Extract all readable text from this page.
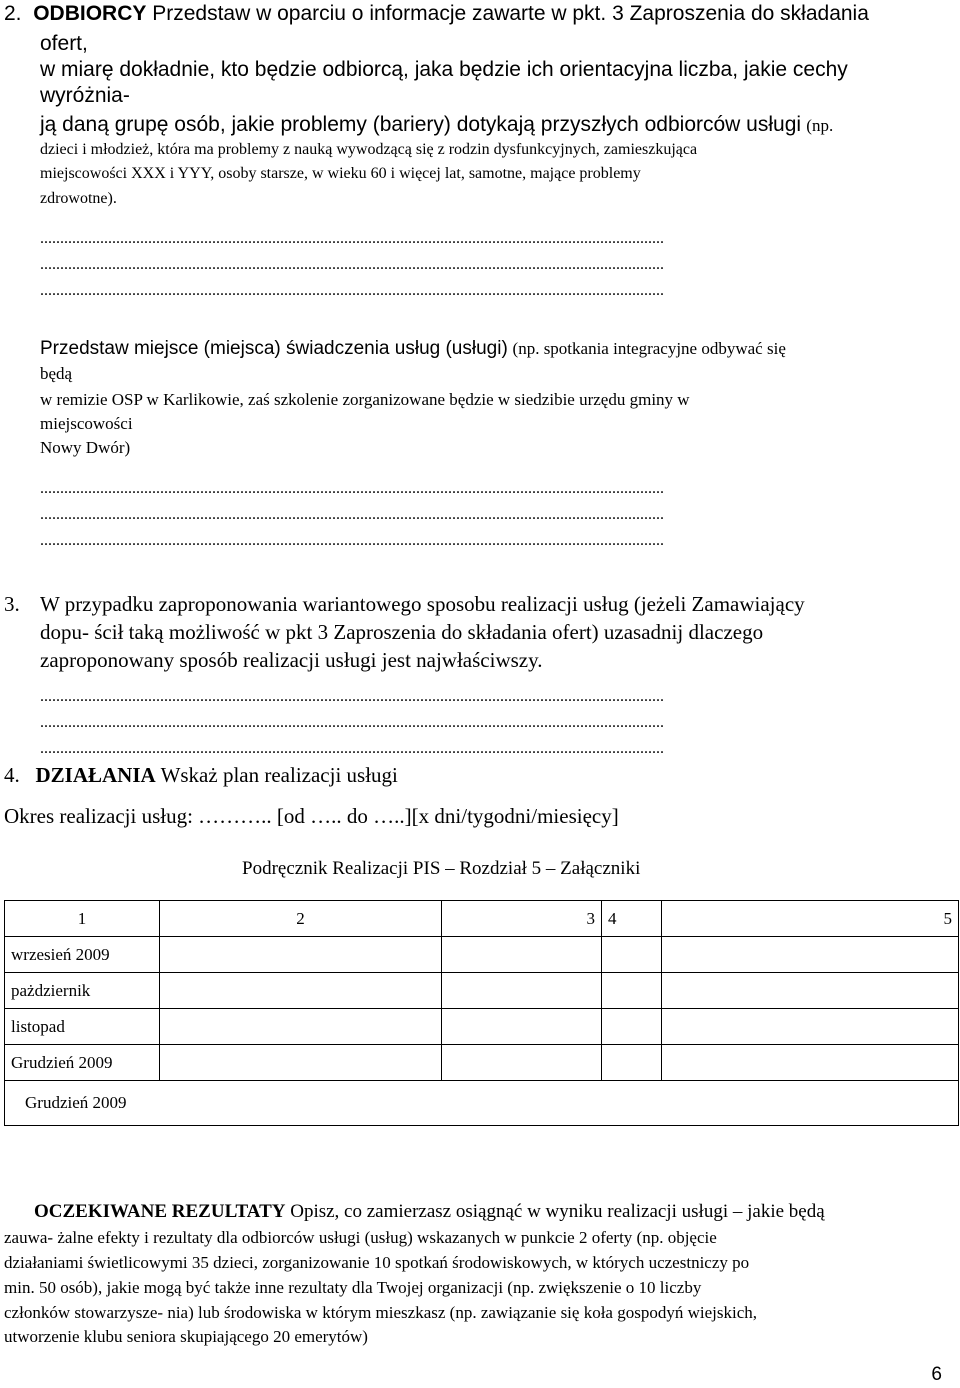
2. ODBIORCY Przedstaw w oparciu o informacje zawarte w pkt. 3 Zaproszenia do składania
ofert,
w miarę dokładnie, kto będzie odbiorcą, jaka będzie ich orientacyjna liczba, jakie cechy
wyróżnia-
ją daną grupę osób, jakie problemy (bariery) dotykają przyszłych odbiorców usługi (np.
dzieci i młodzież, która ma problemy z nauką wywodzącą się z rodzin dysfunkcyjnych, zamieszkująca
miejscowości XXX i YYY, osoby starsze, w wieku 60 i więcej lat, samotne, mające problemy
zdrowotne).
............................................................................................................................................................
............................................................................................................................................................
............................................................................................................................................................
Przedstaw miejsce (miejsca) świadczenia usług (usługi) (np. spotkania integracyjne odbywać się
będą
w remizie OSP w Karlikowie, zaś szkolenie zorganizowane będzie w siedzibie urzędu gminy w
miejscowości
Nowy Dwór)
............................................................................................................................................................
............................................................................................................................................................
............................................................................................................................................................
3. W przypadku zaproponowania wariantowego sposobu realizacji usług (jeżeli Zamawiający
dopu- ścił taką możliwość w pkt 3 Zaproszenia do składania ofert) uzasadnij dlaczego
zaproponowany sposób realizacji usługi jest najwłaściwszy.
............................................................................................................................................................
............................................................................................................................................................
............................................................................................................................................................
4. DZIAŁANIA Wskaż plan realizacji usługi
Okres realizacji usług: ……….. [od ….. do …..][x dni/tygodni/miesięcy]
Podręcznik Realizacji PIS – Rozdział 5 – Załączniki
1	2	3	4	5
wrzesień 2009				
pażdziernik				
listopad				
Grudzień 2009				
Grudzień 2009				
OCZEKIWANE REZULTATY Opisz, co zamierzasz osiągnąć w wyniku realizacji usługi – jakie będą
zauwa- żalne efekty i rezultaty dla odbiorców usługi (usług) wskazanych w punkcie 2 oferty (np. objęcie
działaniami świetlicowymi 35 dzieci, zorganizowanie 10 spotkań środowiskowych, w których uczestniczy po
min. 50 osób), jakie mogą być także inne rezultaty dla Twojej organizacji (np. zwiększenie o 10 liczby
członków stowarzysze- nia) lub środowiska w którym mieszkasz (np. zawiązanie się koła gospodyń wiejskich,
utworzenie klubu seniora skupiającego 20 emerytów)
6
